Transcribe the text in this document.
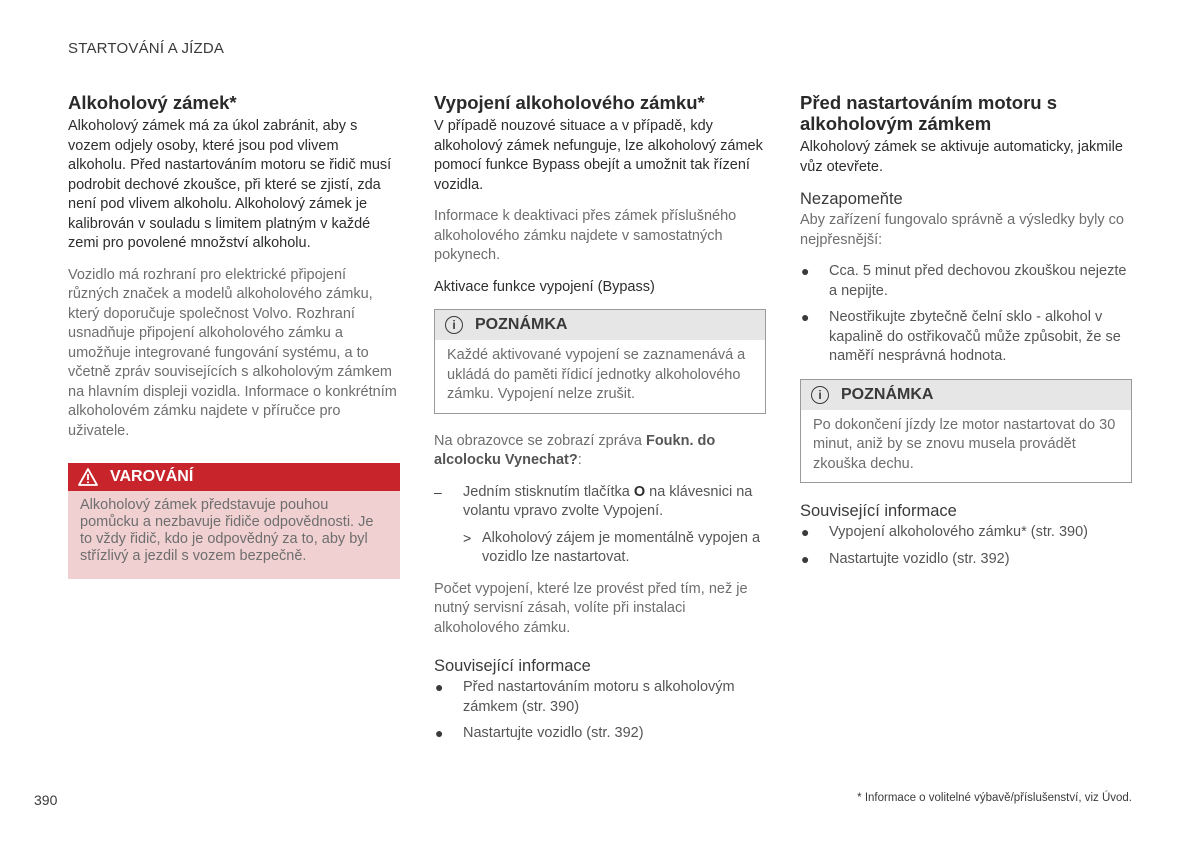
STARTOVÁNÍ A JÍZDA
Alkoholový zámek*

Alkoholový zámek má za úkol zabránit, aby s vozem odjely osoby, které jsou pod vlivem alkoholu. Před nastartováním motoru se řidič musí podrobit dechové zkoušce, při které se zjistí, zda není pod vlivem alkoholu. Alkoholový zámek je kalibrován v souladu s limitem platným v každé zemi pro povolené množství alkoholu.

Vozidlo má rozhraní pro elektrické připojení různých značek a modelů alkoholového zámku, který doporučuje společnost Volvo. Rozhraní usnadňuje připojení alkoholového zámku a umožňuje integrované fungování systému, a to včetně zpráv souvisejících s alkoholovým zámkem na hlavním displeji vozidla. Informace o konkrétním alkoholovém zámku najdete v příručce pro uživatele.

VAROVÁNÍ
Alkoholový zámek představuje pouhou pomůcku a nezbavuje řidiče odpovědnosti. Je to vždy řidič, kdo je odpovědný za to, aby byl střízlivý a jezdil s vozem bezpečně.
Vypojení alkoholového zámku*

V případě nouzové situace a v případě, kdy alkoholový zámek nefunguje, lze alkoholový zámek pomocí funkce Bypass obejít a umožnit tak řízení vozidla.

Informace k deaktivaci přes zámek příslušného alkoholového zámku najdete v samostatných pokynech.

Aktivace funkce vypojení (Bypass)
i	POZNÁMKA
Každé aktivované vypojení se zaznamenává a ukládá do paměti řídicí jednotky alkoholového zámku. Vypojení nelze zrušit.

Na obrazovce se zobrazí zpráva Foukn. do alcolocku Vynechat?:

– Jedním stisknutím tlačítka O na klávesnici na volantu vpravo zvolte Vypojení.
> Alkoholový zájem je momentálně vypojen a vozidlo lze nastartovat.

Počet vypojení, které lze provést před tím, než je nutný servisní zásah, volíte při instalaci alkoholového zámku.

Související informace
● Před nastartováním motoru s alkoholovým zámkem (str. 390)
● Nastartujte vozidlo (str. 392)
Před nastartováním motoru s alkoholovým zámkem

Alkoholový zámek se aktivuje automaticky, jakmile vůz otevřete.

Nezapomeňte

Aby zařízení fungovalo správně a výsledky byly co nejpřesnější:

● Cca. 5 minut před dechovou zkouškou nejezte a nepijte.
● Neostřikujte zbytečně čelní sklo - alkohol v kapalině do ostřikovačů může způsobit, že se naměří nesprávná hodnota.
i	POZNÁMKA
Po dokončení jízdy lze motor nastartovat do 30 minut, aniž by se znovu musela provádět zkouška dechu.
Související informace
● Vypojení alkoholového zámku* (str. 390)
● Nastartujte vozidlo (str. 392)
390	* Informace o volitelné výbavě/příslušenství, viz Úvod.
